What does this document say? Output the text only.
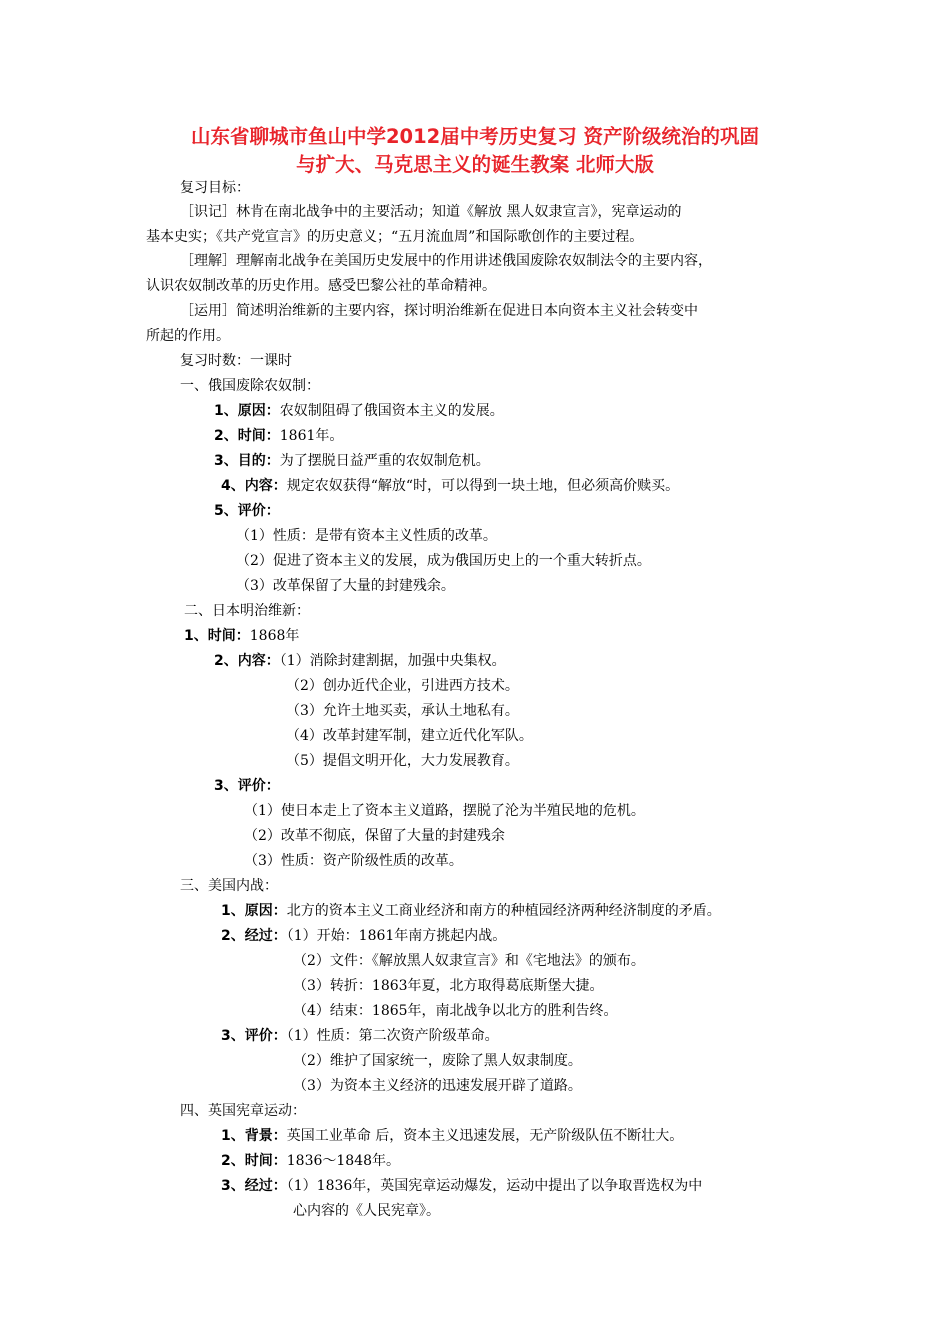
山东省聊城市鱼山中学2012届中考历史复习 资产阶级统治的巩固
与扩大、马克思主义的诞生教案 北师大版
复习目标：
［识记］林肯在南北战争中的主要活动；知道《解放 黑人奴隶宣言》，宪章运动的
基本史实；《共产党宣言》的历史意义；“五月流血周”和国际歌创作的主要过程。
［理解］理解南北战争在美国历史发展中的作用讲述俄国废除农奴制法令的主要内容，
认识农奴制改革的历史作用。感受巴黎公社的革命精神。
［运用］简述明治维新的主要内容，探讨明治维新在促进日本向资本主义社会转变中
所起的作用。
复习时数：一课时
一、俄国废除农奴制：
1、原因：农奴制阻碍了俄国资本主义的发展。
2、时间：1861年。
3、目的：为了摆脱日益严重的农奴制危机。
4、内容：规定农奴获得“解放“时，可以得到一块土地，但必须高价赎买。
5、评价：
（1）性质：是带有资本主义性质的改革。
（2）促进了资本主义的发展，成为俄国历史上的一个重大转折点。
（3）改革保留了大量的封建残余。
二、日本明治维新：
1、时间：1868年
2、内容：（1）消除封建割据，加强中央集权。
（2）创办近代企业，引进西方技术。
（3）允许土地买卖，承认土地私有。
（4）改革封建军制，建立近代化军队。
（5）提倡文明开化，大力发展教育。
3、评价：
（1）使日本走上了资本主义道路，摆脱了沦为半殖民地的危机。
（2）改革不彻底，保留了大量的封建残余
（3）性质：资产阶级性质的改革。
三、美国内战：
1、原因：北方的资本主义工商业经济和南方的种植园经济两种经济制度的矛盾。
2、经过：（1）开始：1861年南方挑起内战。
（2）文件：《解放黑人奴隶宣言》和《宅地法》的颁布。
（3）转折：1863年夏，北方取得葛底斯堡大捷。
（4）结束：1865年，南北战争以北方的胜利告终。
3、评价：（1）性质：第二次资产阶级革命。
（2）维护了国家统一，废除了黑人奴隶制度。
（3）为资本主义经济的迅速发展开辟了道路。
四、英国宪章运动：
1、背景：英国工业革命 后，资本主义迅速发展，无产阶级队伍不断壮大。
2、时间：1836～1848年。
3、经过：（1）1836年，英国宪章运动爆发，运动中提出了以争取晋选权为中
心内容的《人民宪章》。
